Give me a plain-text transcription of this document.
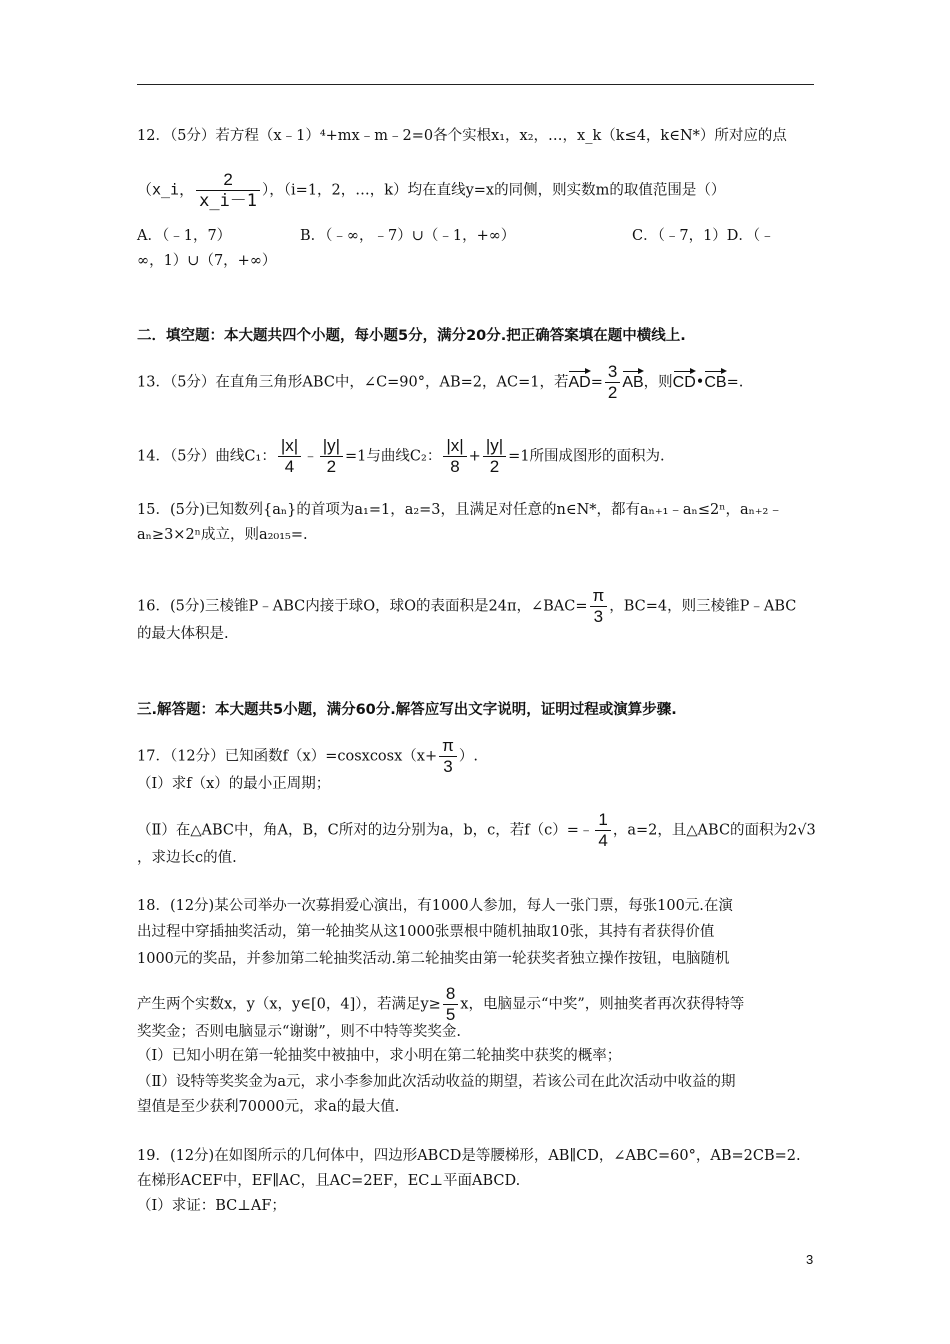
12．（5分）若方程（x﹣1）⁴+mx﹣m﹣2=0各个实根x₁，x₂，…，x_k（k≤4，k∈N*）所对应的点
（x_i， $\frac{2}{x\_i-1}$ ），（i=1，2，…，k）均在直线y=x的同侧，则实数m的取值范围是（）
A．（﹣1，7）	B．（﹣∞，﹣7）∪（﹣1，+∞）	C．（﹣7，1）D．（﹣
∞，1）∪（7，+∞）
二．填空题：本大题共四个小题，每小题5分，满分20分.把正确答案填在题中横线上.
13．（5分）在直角三角形ABC中，∠C=90°，AB=2，AC=1，若$AD= \frac{3}{2}$ AB，则CD•CB=.
14．（5分）曲线C₁： $\frac{|x|}{4}$ ﹣ $\frac{|y|}{2} =1$与曲线C₂： $\frac{|x|}{8} + \frac{|y|}{2} =1$所围成图形的面积为.
15．(5分)已知数列{aₙ}的首项为a₁=1，a₂=3，且满足对任意的n∈N*，都有aₙ₊₁﹣aₙ≤2ⁿ，aₙ₊₂﹣
aₙ≥3×2ⁿ成立，则a₂₀₁₅=.
16．(5分)三棱锥P﹣ABC内接于球O，球O的表面积是24π，∠BAC= $\frac{\pi}{3}$ ，BC=4，则三棱锥P﹣ABC
的最大体积是.
三.解答题：本大题共5小题，满分60分.解答应写出文字说明，证明过程或演算步骤.
17．（12分）已知函数f（x）=cosxcosx（x+ $\frac{\pi}{3}$ ）.
（Ⅰ）求f（x）的最小正周期；
（Ⅱ）在△ABC中，角A，B，C所对的边分别为a，b，c，若f（c）=﹣ $\frac{1}{4}$ ，a=2，且△ABC的面积为2√3
，求边长c的值.
18．(12分)某公司举办一次募捐爱心演出，有1000人参加，每人一张门票，每张100元.在演
出过程中穿插抽奖活动，第一轮抽奖从这1000张票根中随机抽取10张，其持有者获得价值
1000元的奖品，并参加第二轮抽奖活动.第二轮抽奖由第一轮获奖者独立操作按钮，电脑随机
产生两个实数x，y（x，y∈[0，4]），若满足$y\ge \frac{8}{5}$ x，电脑显示“中奖”，则抽奖者再次获得特等
奖奖金；否则电脑显示“谢谢”，则不中特等奖奖金.
（Ⅰ）已知小明在第一轮抽奖中被抽中，求小明在第二轮抽奖中获奖的概率；
（Ⅱ）设特等奖奖金为a元，求小李参加此次活动收益的期望，若该公司在此次活动中收益的期
望值是至少获利70000元，求a的最大值.
19．(12分)在如图所示的几何体中，四边形ABCD是等腰梯形，AB∥CD，∠ABC=60°，AB=2CB=2.
在梯形ACEF中，EF∥AC，且AC=2EF，EC⊥平面ABCD.
（Ⅰ）求证：BC⊥AF；
3
